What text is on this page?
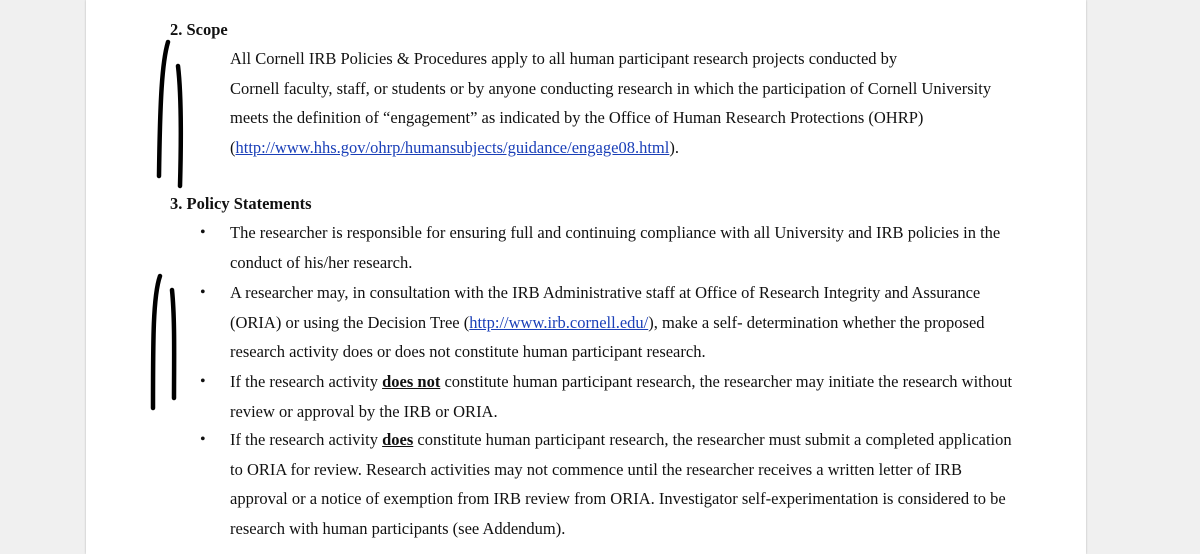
2. Scope

All Cornell IRB Policies & Procedures apply to all human participant research projects conducted by
Cornell faculty, staff, or students or by anyone conducting research in which the participation of Cornell University
meets the definition of “engagement” as indicated by the Office of Human Research Protections (OHRP)
(http://www.hhs.gov/ohrp/humansubjects/guidance/engage08.html).

3. Policy Statements
• The researcher is responsible for ensuring full and continuing compliance with all University and IRB policies in the
conduct of his/her research.

• A researcher may, in consultation with the IRB Administrative staff at Office of Research Integrity and Assurance
(ORIA) or using the Decision Tree (http://www.irb.cornell.edu/), make a self- determination whether the proposed
research activity does or does not constitute human participant research.

• If the research activity does not constitute human participant research, the researcher may initiate the research without
review or approval by the IRB or ORIA.

• If the research activity does constitute human participant research, the researcher must submit a completed application
to ORIA for review. Research activities may not commence until the researcher receives a written letter of IRB
approval or a notice of exemption from IRB review from ORIA. Investigator self-experimentation is considered to be
research with human participants (see Addendum).
